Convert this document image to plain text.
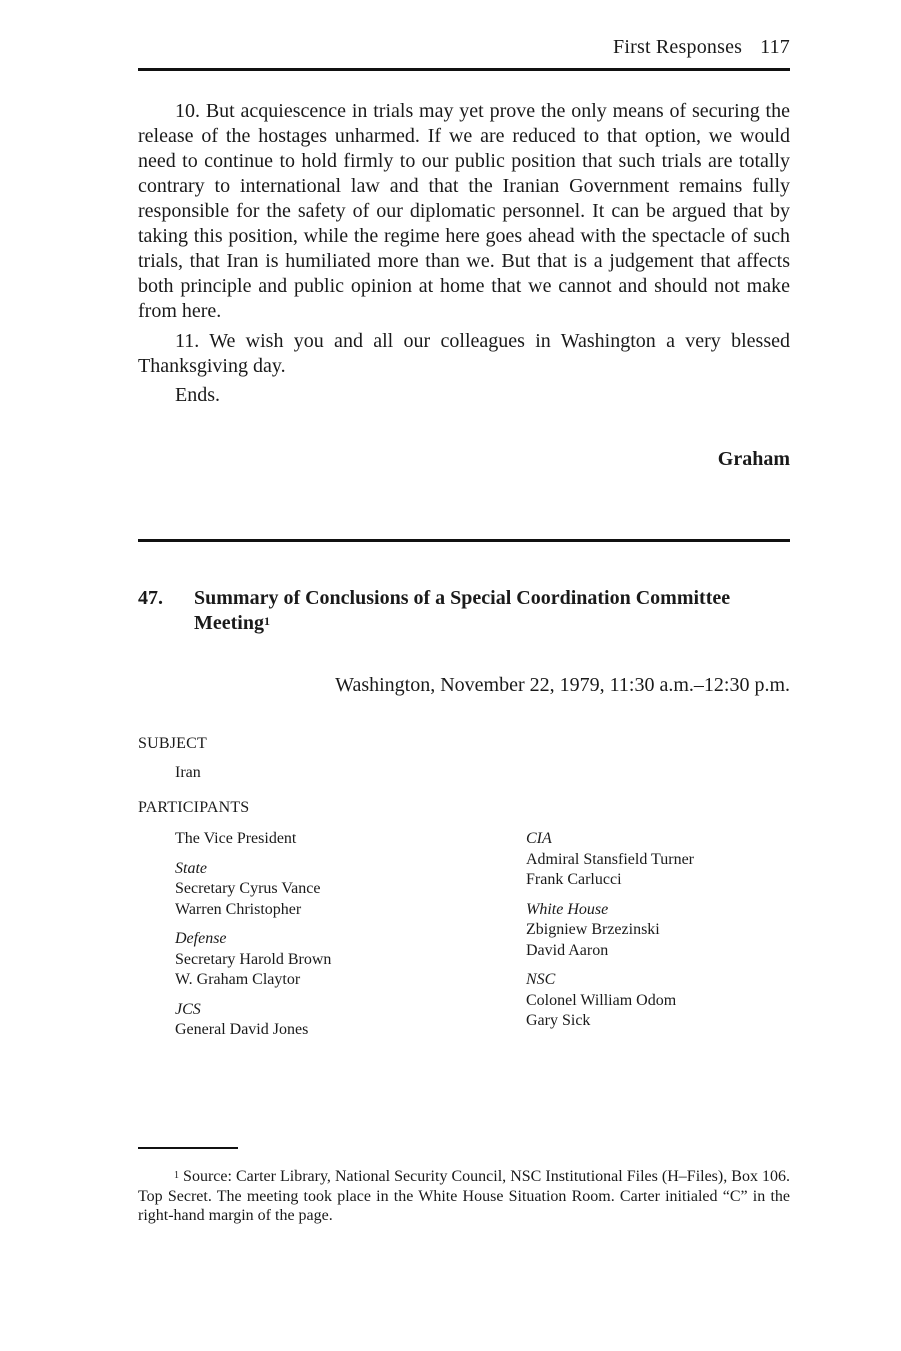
First Responses 117

10. But acquiescence in trials may yet prove the only means of securing the release of the hostages unharmed. If we are reduced to that option, we would need to continue to hold firmly to our public position that such trials are totally contrary to international law and that the Iranian Government remains fully responsible for the safety of our diplomatic personnel. It can be argued that by taking this position, while the regime here goes ahead with the spectacle of such trials, that Iran is humiliated more than we. But that is a judgement that affects both principle and public opinion at home that we cannot and should not make from here.

11. We wish you and all our colleagues in Washington a very blessed Thanksgiving day.

Ends.

Graham
47. Summary of Conclusions of a Special Coordination Committee Meeting$^1$
Washington, November 22, 1979, 11:30 a.m.–12:30 p.m.
SUBJECT
Iran
PARTICIPANTS
The Vice President
State
Secretary Cyrus Vance
Warren Christopher
Defense
Secretary Harold Brown
W. Graham Claytor
JCS
General David Jones
CIA
Admiral Stansfield Turner
Frank Carlucci
White House
Zbigniew Brzezinski
David Aaron
NSC
Colonel William Odom
Gary Sick
$^1$ Source: Carter Library, National Security Council, NSC Institutional Files (H–Files), Box 106. Top Secret. The meeting took place in the White House Situation Room. Carter initialed “C” in the right-hand margin of the page.
